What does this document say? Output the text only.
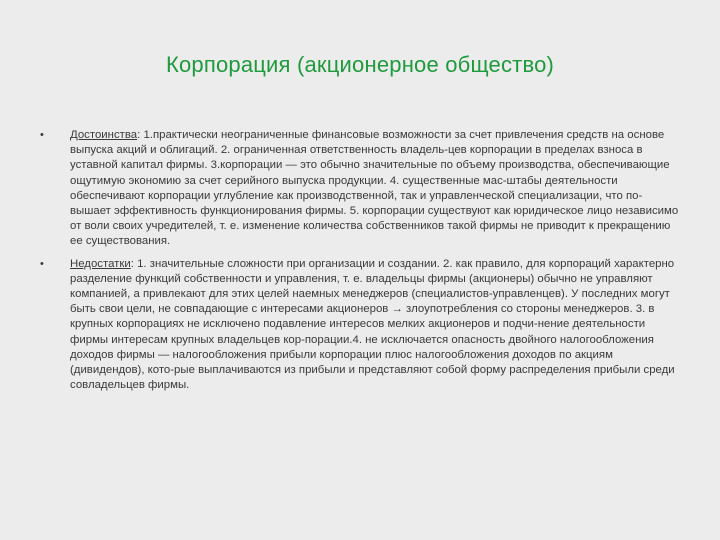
Корпорация (акционерное общество)
• Достоинства: 1.практически неограниченные финансовые возможности за счет привлечения средств на основе выпуска акций и облигаций. 2. ограниченная ответственность владель-цев корпорации в пределах взноса в уставной капитал фирмы. 3.корпорации — это обычно значительные по объему производства, обеспечивающие ощутимую экономию за счет серийного выпуска продукции. 4. существенные мас-штабы деятельности обеспечивают корпорации углубление как производственной, так и управленческой специализации, что по-вышает эффективность функционирования фирмы. 5. корпорации существуют как юридическое лицо независимо от воли своих учредителей, т. е. изменение количества собственников такой фирмы не приводит к прекращению ее существования.
• Недостатки: 1. значительные сложности при организации и создании. 2. как правило, для корпораций характерно разделение функций собственности и управления, т. е. владельцы фирмы (акционеры) обычно не управляют компанией, а привлекают для этих целей наемных менеджеров (специалистов-управленцев). У последних могут быть свои цели, не совпадающие с интересами акционеров → злоупотребления со стороны менеджеров. 3. в крупных корпорациях не исключено подавление интересов мелких акционеров и подчи-нение деятельности фирмы интересам крупных владельцев кор-порации.4. не исключается опасность двойного налогообложения доходов фирмы — налогообложения прибыли корпорации плюс налогообложения доходов по акциям (дивидендов), кото-рые выплачиваются из прибыли и представляют собой форму распределения прибыли среди совладельцев фирмы.
